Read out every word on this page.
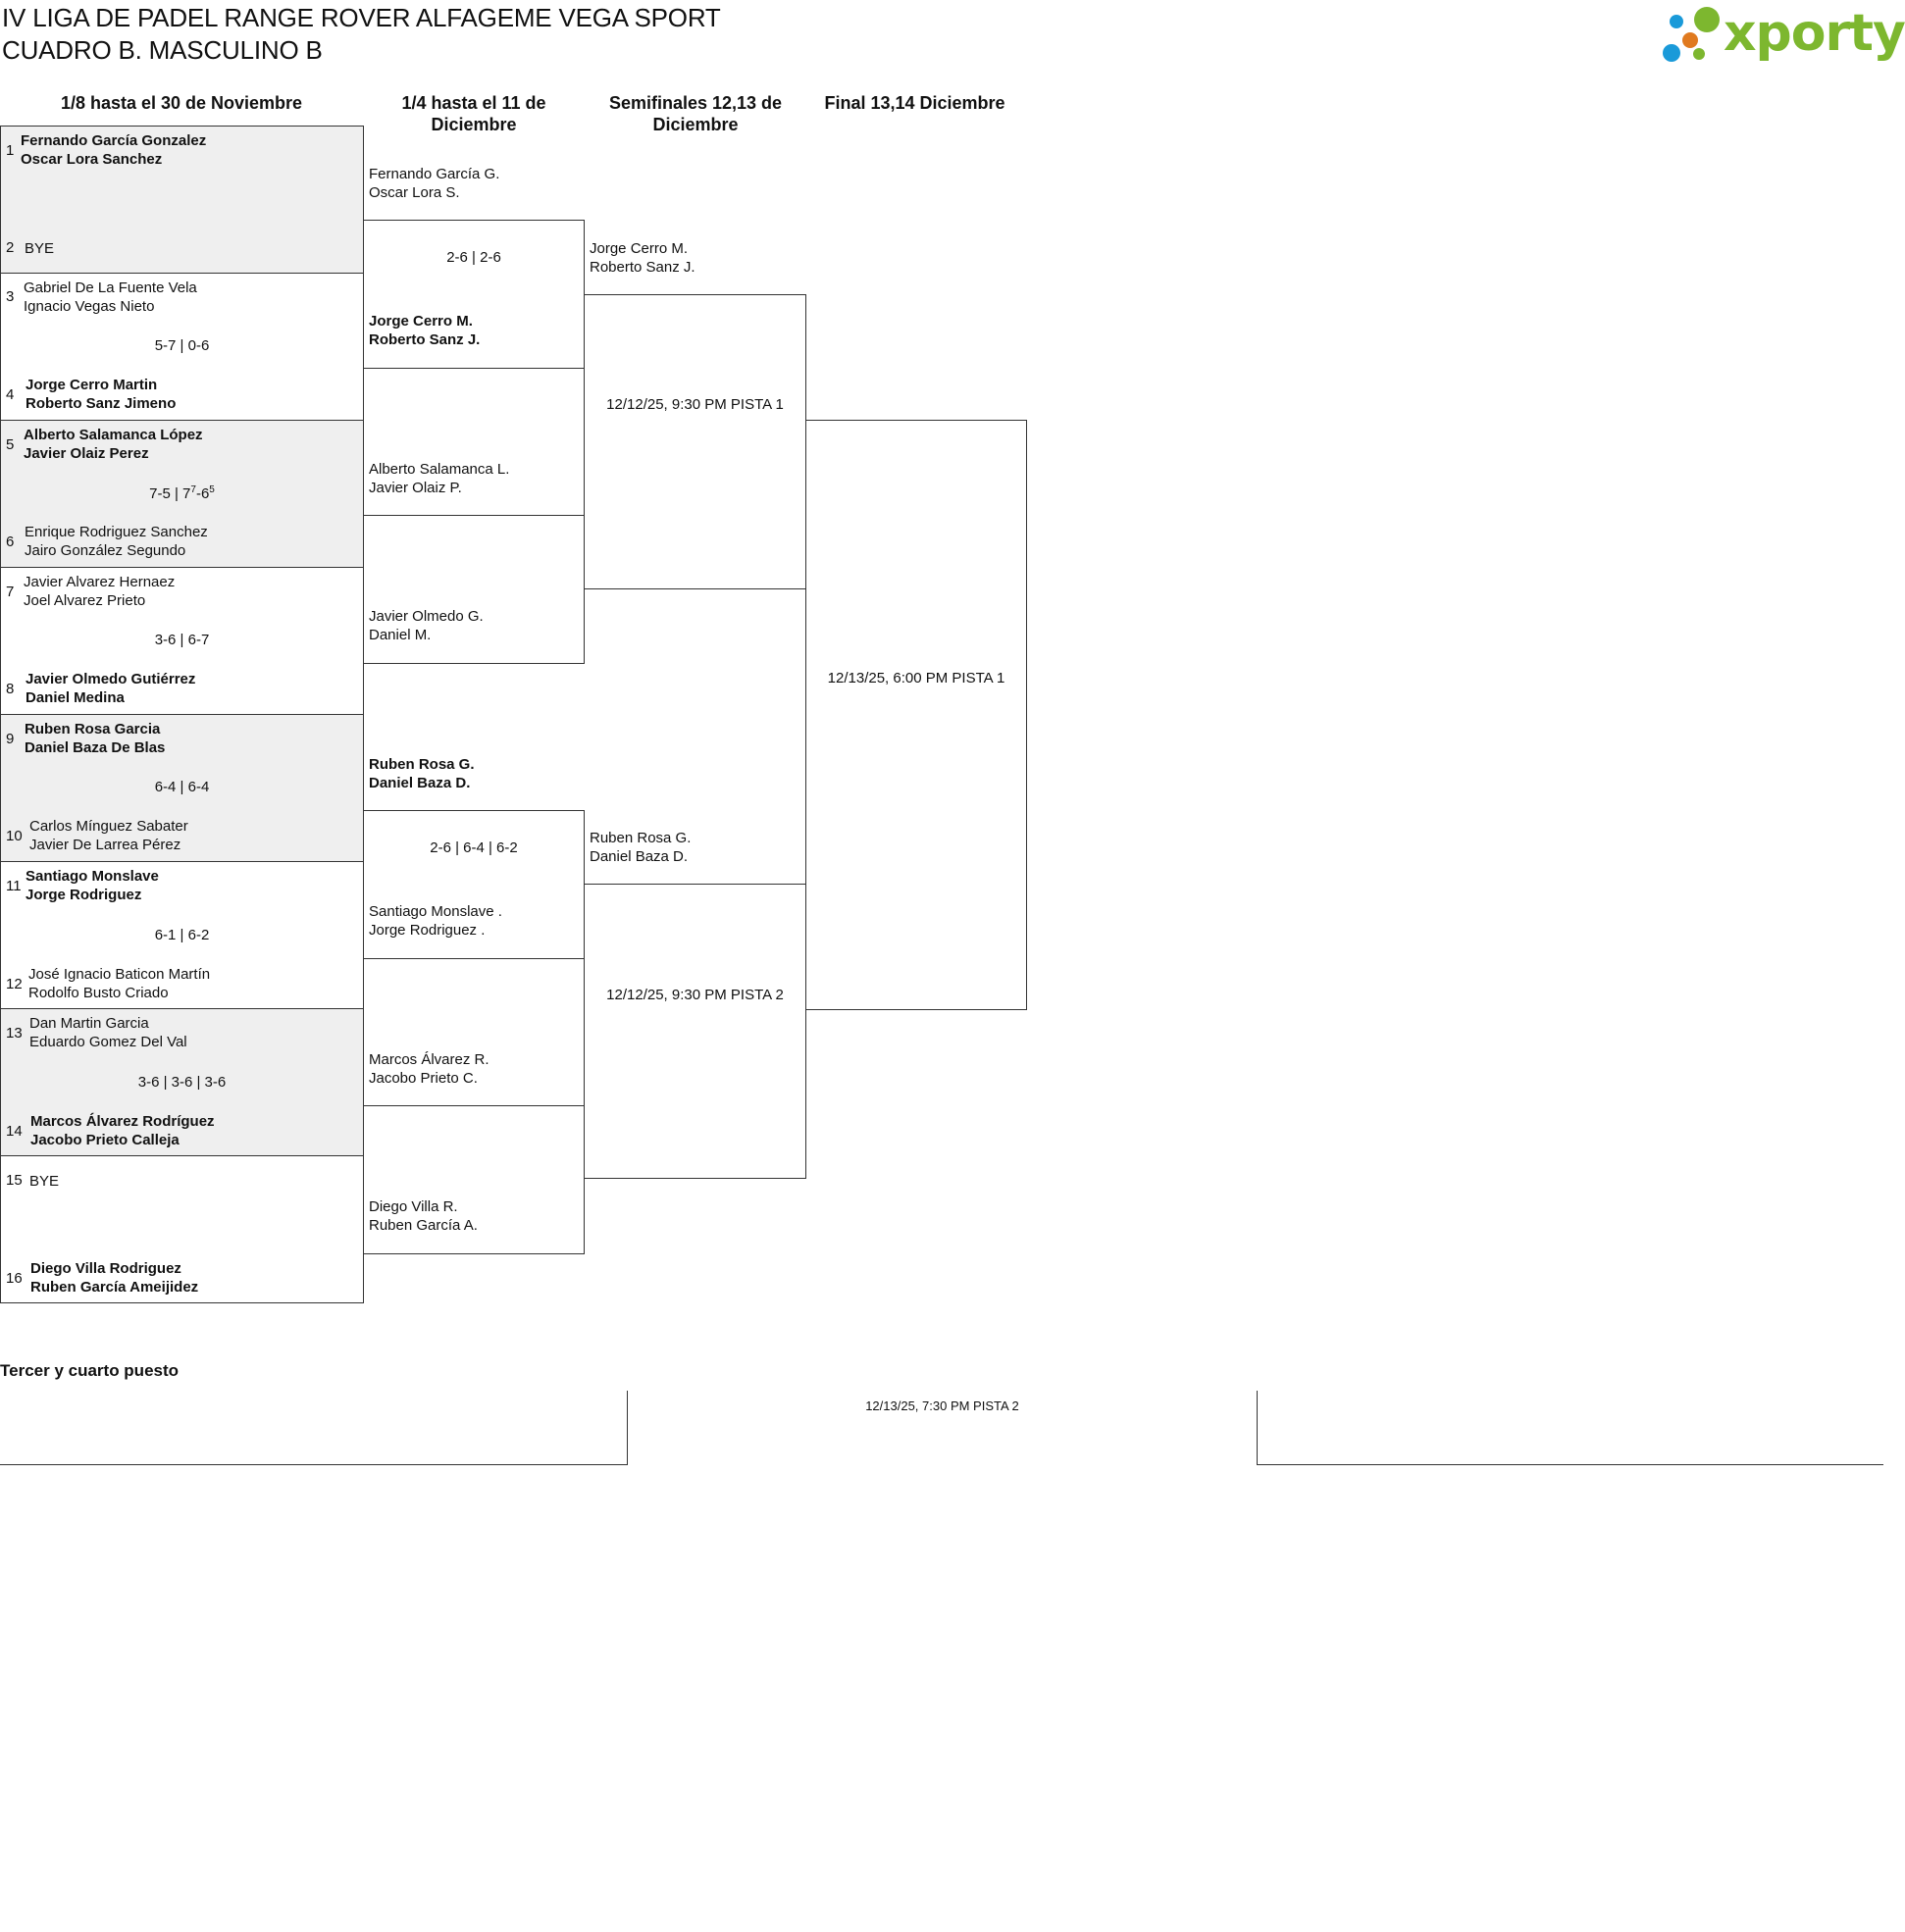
IV LIGA DE PADEL RANGE ROVER ALFAGEME VEGA SPORT
CUADRO B. MASCULINO B	xporty
1/8 hasta el 30 de Noviembre	1/4 hasta el 11 de Diciembre
Semifinales 12,13 de Diciembre
Final 13,14 Diciembre
1
Fernando García Gonzalez
Oscar Lora Sanchez
2 BYE
3
Gabriel De La Fuente Vela
Ignacio Vegas Nieto
5-7 | 0-6
4
Jorge Cerro Martin
Roberto Sanz Jimeno
5
Alberto Salamanca López
Javier Olaiz Perez
7-5 | $7^7-6^5$
6
Enrique Rodriguez Sanchez
Jairo González Segundo
7
Javier Alvarez Hernaez
Joel Alvarez Prieto
3-6 | 6-7
8
Javier Olmedo Gutiérrez
Daniel Medina
9
Ruben Rosa Garcia
Daniel Baza De Blas
6-4 | 6-4
10
Carlos Mínguez Sabater
Javier De Larrea Pérez
11
Santiago Monslave
Jorge Rodriguez
6-1 | 6-2
12
José Ignacio Baticon Martín
Rodolfo Busto Criado
13
Dan Martin Garcia
Eduardo Gomez Del Val
3-6 | 3-6 | 3-6
14
Marcos Álvarez Rodríguez
Jacobo Prieto Calleja
15 BYE
16
Diego Villa Rodriguez
Ruben García Ameijidez
Fernando García G.
Oscar Lora S.
2-6 | 2-6
Jorge Cerro M.
Roberto Sanz J.
Alberto Salamanca L.
Javier Olaiz P.
Javier Olmedo G.
Daniel M.
Ruben Rosa G.
Daniel Baza D.
2-6 | 6-4 | 6-2
Santiago Monslave .
Jorge Rodriguez .
Marcos Álvarez R.
Jacobo Prieto C.
Diego Villa R.
Ruben García A.
Jorge Cerro M.
Roberto Sanz J.
12/12/25, 9:30 PM PISTA 1
Ruben Rosa G.
Daniel Baza D.
12/12/25, 9:30 PM PISTA 2
12/13/25, 6:00 PM PISTA 1
Tercer y cuarto puesto
12/13/25, 7:30 PM PISTA 2
